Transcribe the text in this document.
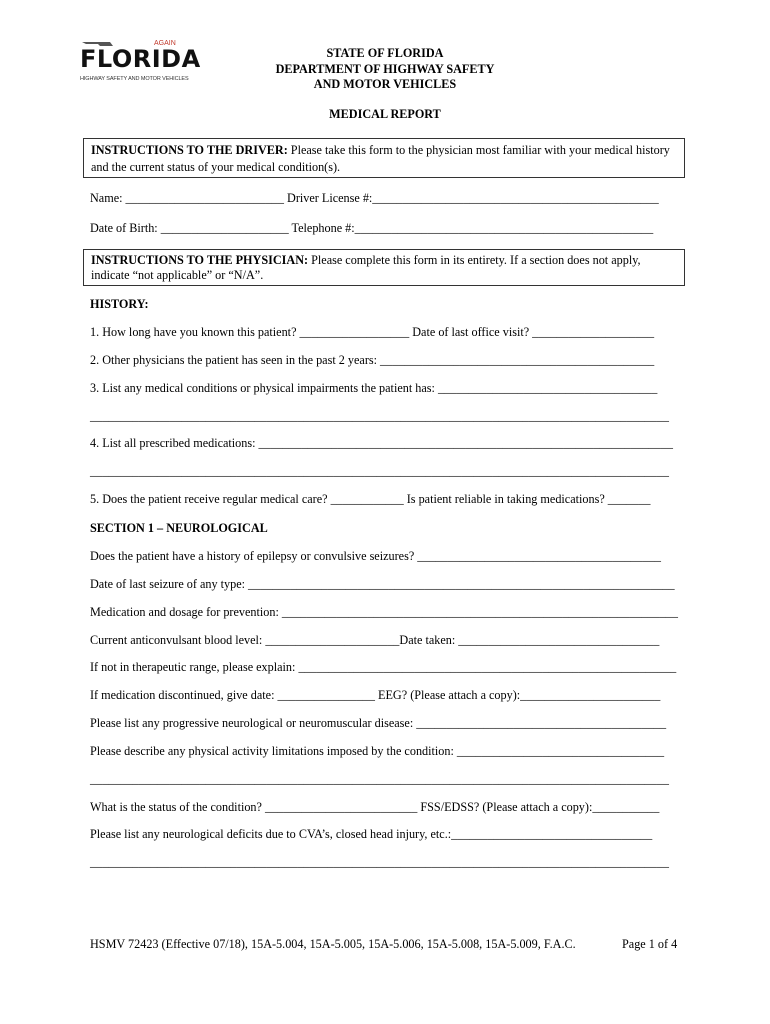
AGAIN
FLORIDA
HIGHWAY SAFETY AND MOTOR VEHICLES
STATE OF FLORIDA
DEPARTMENT OF HIGHWAY SAFETY
AND MOTOR VEHICLES
MEDICAL REPORT
INSTRUCTIONS TO THE DRIVER: Please take this form to the physician most familiar with your medical history and the current status of your medical condition(s).
Name: __________________________ Driver License #:_______________________________________________
Date of Birth: _____________________ Telephone #:_________________________________________________
INSTRUCTIONS TO THE PHYSICIAN: Please complete this form in its entirety. If a section does not apply, indicate “not applicable” or “N/A”.
HISTORY:
1. How long have you known this patient? __________________ Date of last office visit? ____________________
2. Other physicians the patient has seen in the past 2 years: _____________________________________________
3. List any medical conditions or physical impairments the patient has: ____________________________________
_______________________________________________________________________________________________
4. List all prescribed medications: ____________________________________________________________________
_______________________________________________________________________________________________
5. Does the patient receive regular medical care? ____________ Is patient reliable in taking medications? _______
SECTION 1 – NEUROLOGICAL
Does the patient have a history of epilepsy or convulsive seizures? ________________________________________
Date of last seizure of any type: ______________________________________________________________________
Medication and dosage for prevention: _________________________________________________________________
Current anticonvulsant blood level: ______________________Date taken: _________________________________
If not in therapeutic range, please explain: ______________________________________________________________
If medication discontinued, give date: ________________ EEG? (Please attach a copy):_______________________
Please list any progressive neurological or neuromuscular disease: _________________________________________
Please describe any physical activity limitations imposed by the condition: __________________________________
_______________________________________________________________________________________________
What is the status of the condition? _________________________ FSS/EDSS? (Please attach a copy):___________
Please list any neurological deficits due to CVA’s, closed head injury, etc.:_________________________________
_______________________________________________________________________________________________
HSMV 72423 (Effective 07/18), 15A-5.004, 15A-5.005, 15A-5.006, 15A-5.008, 15A-5.009, F.A.C.	Page 1 of 4
